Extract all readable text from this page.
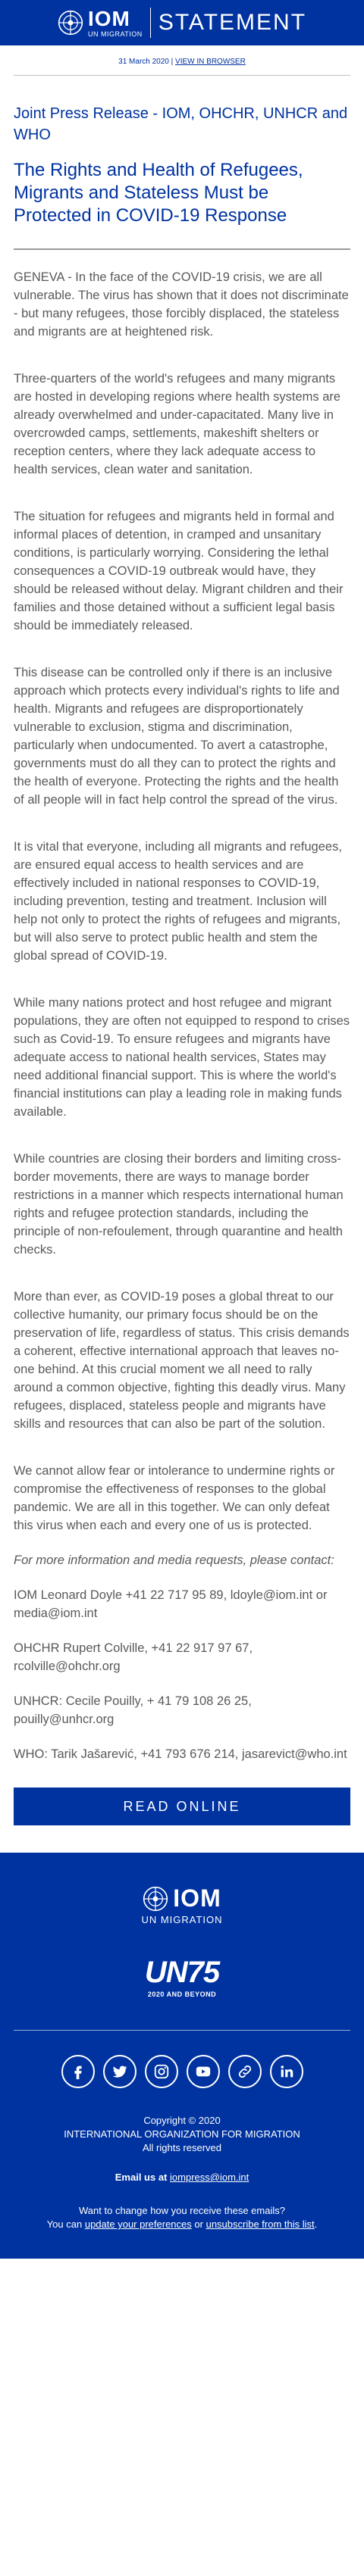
IOM
UN MIGRATION STATEMENT
31 March 2020 | VIEW IN BROWSER
Joint Press Release - IOM, OHCHR, UNHCR and WHO
The Rights and Health of Refugees, Migrants and Stateless Must be Protected in COVID-19 Response

GENEVA - In the face of the COVID-19 crisis, we are all vulnerable. The virus has shown that it does not discriminate - but many refugees, those forcibly displaced, the stateless and migrants are at heightened risk.

Three-quarters of the world's refugees and many migrants are hosted in developing regions where health systems are already overwhelmed and under-capacitated. Many live in overcrowded camps, settlements, makeshift shelters or reception centers, where they lack adequate access to health services, clean water and sanitation.

The situation for refugees and migrants held in formal and informal places of detention, in cramped and unsanitary conditions, is particularly worrying. Considering the lethal consequences a COVID-19 outbreak would have, they should be released without delay. Migrant children and their families and those detained without a sufficient legal basis should be immediately released.

This disease can be controlled only if there is an inclusive approach which protects every individual's rights to life and health. Migrants and refugees are disproportionately vulnerable to exclusion, stigma and discrimination, particularly when undocumented. To avert a catastrophe, governments must do all they can to protect the rights and the health of everyone. Protecting the rights and the health of all people will in fact help control the spread of the virus.

It is vital that everyone, including all migrants and refugees, are ensured equal access to health services and are effectively included in national responses to COVID-19, including prevention, testing and treatment. Inclusion will help not only to protect the rights of refugees and migrants, but will also serve to protect public health and stem the global spread of COVID-19.

While many nations protect and host refugee and migrant populations, they are often not equipped to respond to crises such as Covid-19. To ensure refugees and migrants have adequate access to national health services, States may need additional financial support. This is where the world's financial institutions can play a leading role in making funds available.

While countries are closing their borders and limiting cross-border movements, there are ways to manage border restrictions in a manner which respects international human rights and refugee protection standards, including the principle of non-refoulement, through quarantine and health checks.

More than ever, as COVID-19 poses a global threat to our collective humanity, our primary focus should be on the preservation of life, regardless of status. This crisis demands a coherent, effective international approach that leaves no-one behind. At this crucial moment we all need to rally around a common objective, fighting this deadly virus. Many refugees, displaced, stateless people and migrants have skills and resources that can also be part of the solution.

We cannot allow fear or intolerance to undermine rights or compromise the effectiveness of responses to the global pandemic. We are all in this together. We can only defeat this virus when each and every one of us is protected.

For more information and media requests, please contact:

IOM Leonard Doyle +41 22 717 95 89, ldoyle@iom.int or media@iom.int

OHCHR Rupert Colville, +41 22 917 97 67, rcolville@ohchr.org

UNHCR: Cecile Pouilly, + 41 79 108 26 25, pouilly@unhcr.org

WHO: Tarik Jašarević, +41 793 676 214, jasarevict@who.int

READ ONLINE
IOM
UN MIGRATION
UN75
2020 AND BEYOND
Copyright © 2020
INTERNATIONAL ORGANIZATION FOR MIGRATION
All rights reserved
Email us at iompress@iom.int
Want to change how you receive these emails?
You can update your preferences or unsubscribe from this list.
